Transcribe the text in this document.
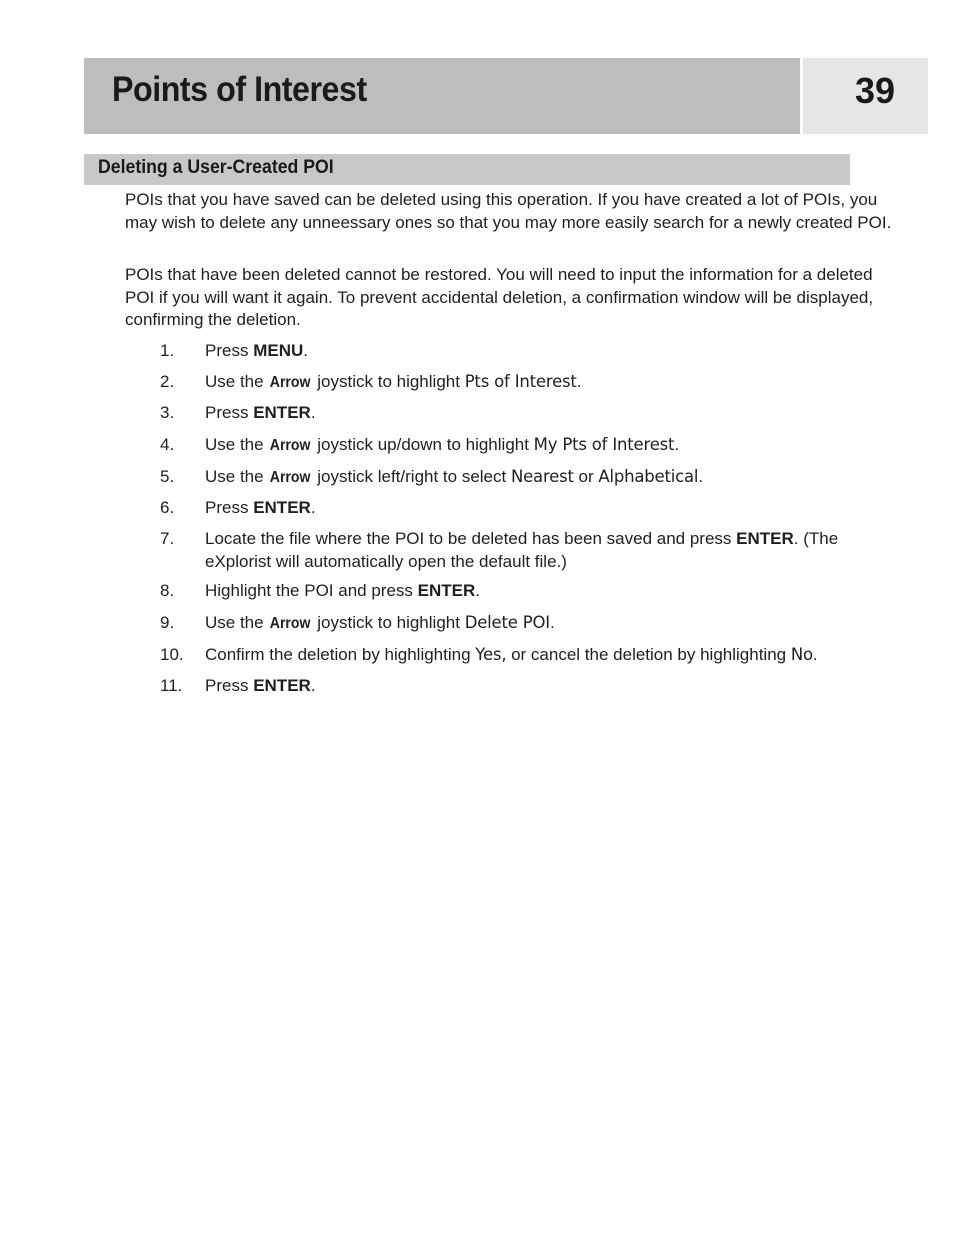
Points of Interest	39
Deleting a User-Created POI

POIs that you have saved can be deleted using this operation. If you have created a lot of POIs, you may wish to delete any unneessary ones so that you may more easily search for a newly created POI.

POIs that have been deleted cannot be restored. You will need to input the information for a deleted POI if you will want it again. To prevent accidental deletion, a confirmation window will be displayed, confirming the deletion.

1.	Press MENU.
2.	Use the Arrow joystick to highlight Pts of Interest.
3.	Press ENTER.
4.	Use the Arrow joystick up/down to highlight My Pts of Interest.
5.	Use the Arrow joystick left/right to select Nearest or Alphabetical.
6.	Press ENTER.
7.	Locate the file where the POI to be deleted has been saved and press ENTER. (The eXplorist will automatically open the default file.)
8.	Highlight the POI and press ENTER.
9.	Use the Arrow joystick to highlight Delete POI.
10.	Confirm the deletion by highlighting Yes, or cancel the deletion by highlighting No.
11.	Press ENTER.
